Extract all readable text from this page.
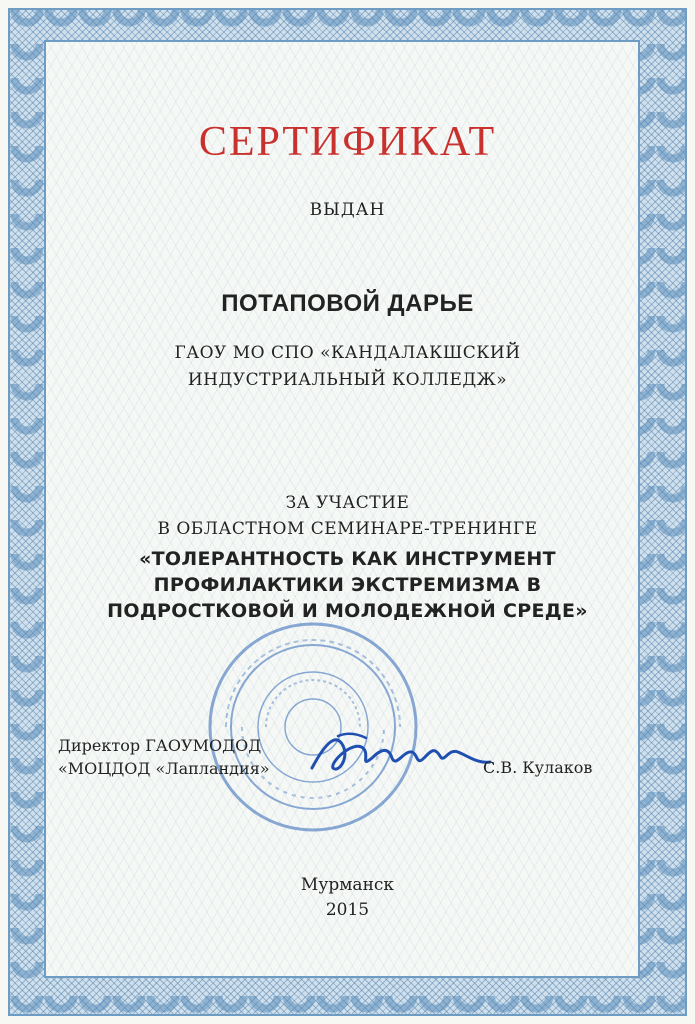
СЕРТИФИКАТ
ВЫДАН
ПОТАПОВОЙ ДАРЬЕ
ГАОУ МО СПО «КАНДАЛАКШСКИЙ
ИНДУСТРИАЛЬНЫЙ КОЛЛЕДЖ»
ЗА УЧАСТИЕ
В ОБЛАСТНОМ СЕМИНАРЕ-ТРЕНИНГЕ
«ТОЛЕРАНТНОСТЬ КАК ИНСТРУМЕНТ
ПРОФИЛАКТИКИ ЭКСТРЕМИЗМА В
ПОДРОСТКОВОЙ И МОЛОДЕЖНОЙ СРЕДЕ»
Директор ГАОУМОДОД
«МОЦДОД «Лапландия»	С.В. Кулаков
Мурманск
2015
